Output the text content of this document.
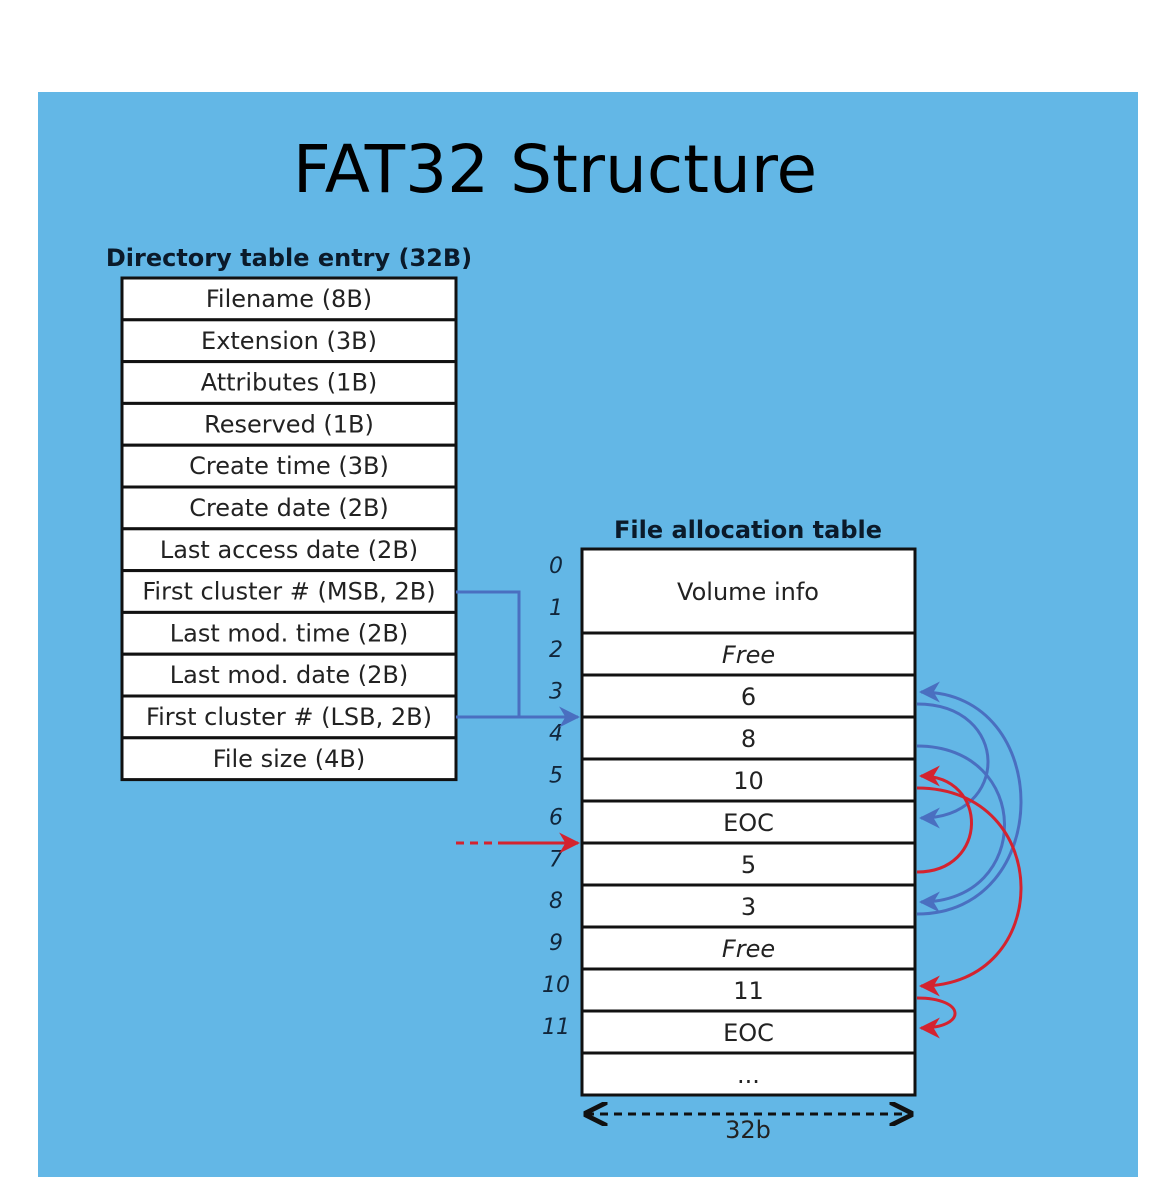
FAT32 Structure
Directory table entry (32B)
Filename (8B)
Extension (3B)
Attributes (1B)
Reserved (1B)
Create time (3B)
Create date (2B)
Last access date (2B)
First cluster # (MSB, 2B)
Last mod. time (2B)
Last mod. date (2B)
First cluster # (LSB, 2B)
File size (4B)
File allocation table
0
1
2
3
4
5
6
7
8
9
10
11
Volume info
Free
6
8
10
EOC
5
3
Free
11
EOC
...
32b
